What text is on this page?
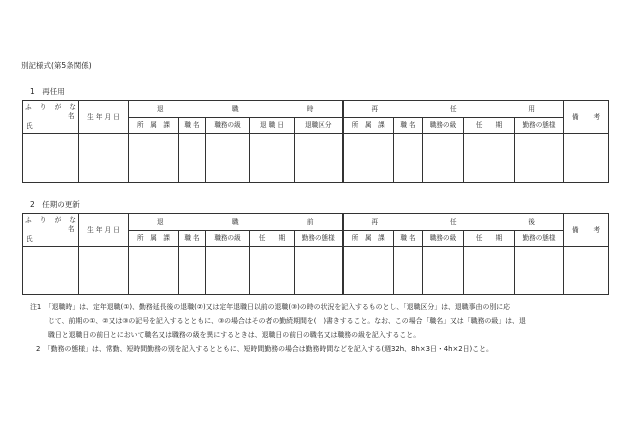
別記様式(第5条関係)
1　再任用
ふ り が な
氏	生 年 月 日	退 職 時					再 任 用					備 考

		所　属　課	職 名	職務の級	退 職 日	退職区分	所　属　課	職 名	職務の級	任　　期	勤務の態様	

名
2　任期の更新
ふ り が な
氏	生 年 月 日	退 職 前					再 任 後					備 考

		所　属　課	職 名	職務の級	任　　期	勤務の態様	所　属　課	職 名	職務の級	任　　期	勤務の態様	

名
注1　「退職時」は、定年退職(①)、勤務延長後の退職(②)又は定年退職日以前の退職(③)の時の状況を記入するものとし、「退職区分」は、退職事由の別に応
じて、前期の①、②又は③の記号を記入するとともに、③の場合はその者の勤続期間を(　)書きすること。なお、この場合「職名」又は「職務の級」は、退
職日と退職日の前日とにおいて職名又は職務の級を異にするときは、退職日の前日の職名又は職務の級を記入すること。
2　「勤務の態様」は、常勤、短時間勤務の別を記入するとともに、短時間勤務の場合は勤務時間などを記入する(週32h、8h×3日・4h×2日)こと。
